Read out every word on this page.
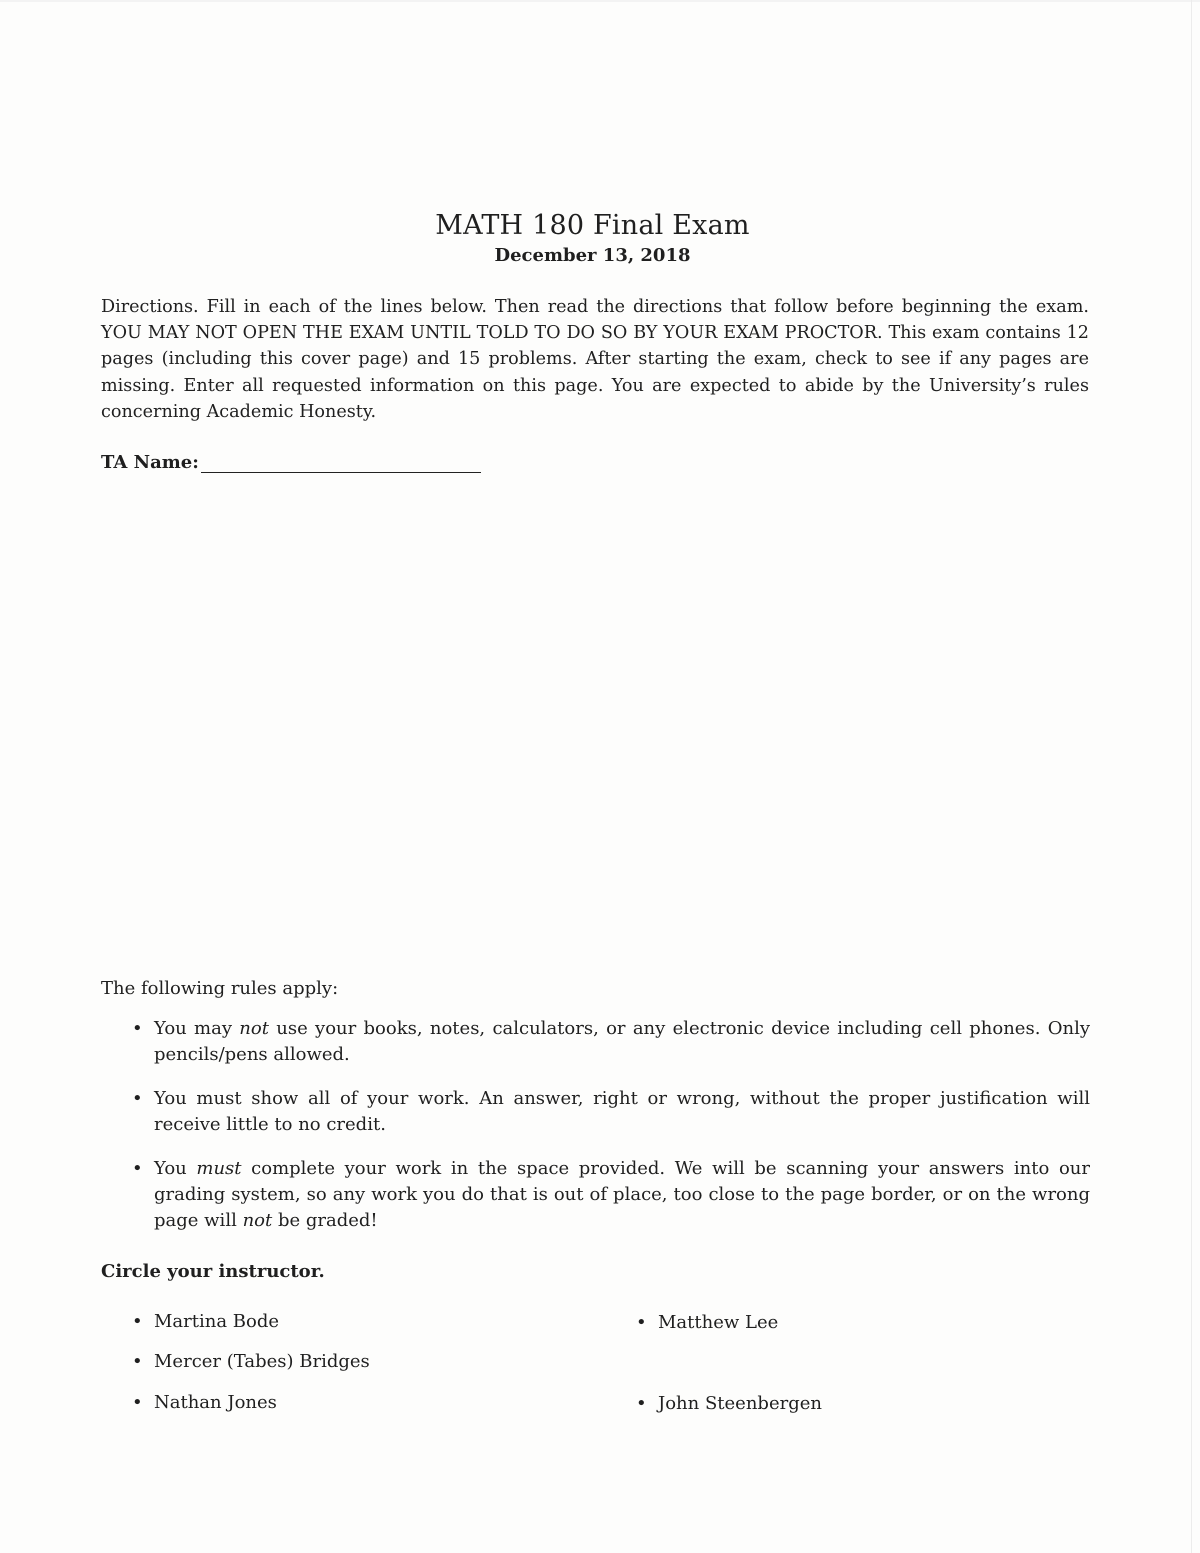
MATH 180 Final Exam
December 13, 2018
Directions. Fill in each of the lines below. Then read the directions that follow before beginning the exam. YOU MAY NOT OPEN THE EXAM UNTIL TOLD TO DO SO BY YOUR EXAM PROCTOR. This exam contains 12 pages (including this cover page) and 15 problems. After starting the exam, check to see if any pages are missing. Enter all requested information on this page. You are expected to abide by the University’s rules concerning Academic Honesty.
TA Name:
The following rules apply:
• You may not use your books, notes, calculators, or any electronic device including cell phones. Only pencils/pens allowed.
• You must show all of your work. An answer, right or wrong, without the proper justification will receive little to no credit.
• You must complete your work in the space provided. We will be scanning your answers into our grading system, so any work you do that is out of place, too close to the page border, or on the wrong page will not be graded!
Circle your instructor.
• Martina Bode
• Mercer (Tabes) Bridges
• Nathan Jones
• Matthew Lee
• John Steenbergen
